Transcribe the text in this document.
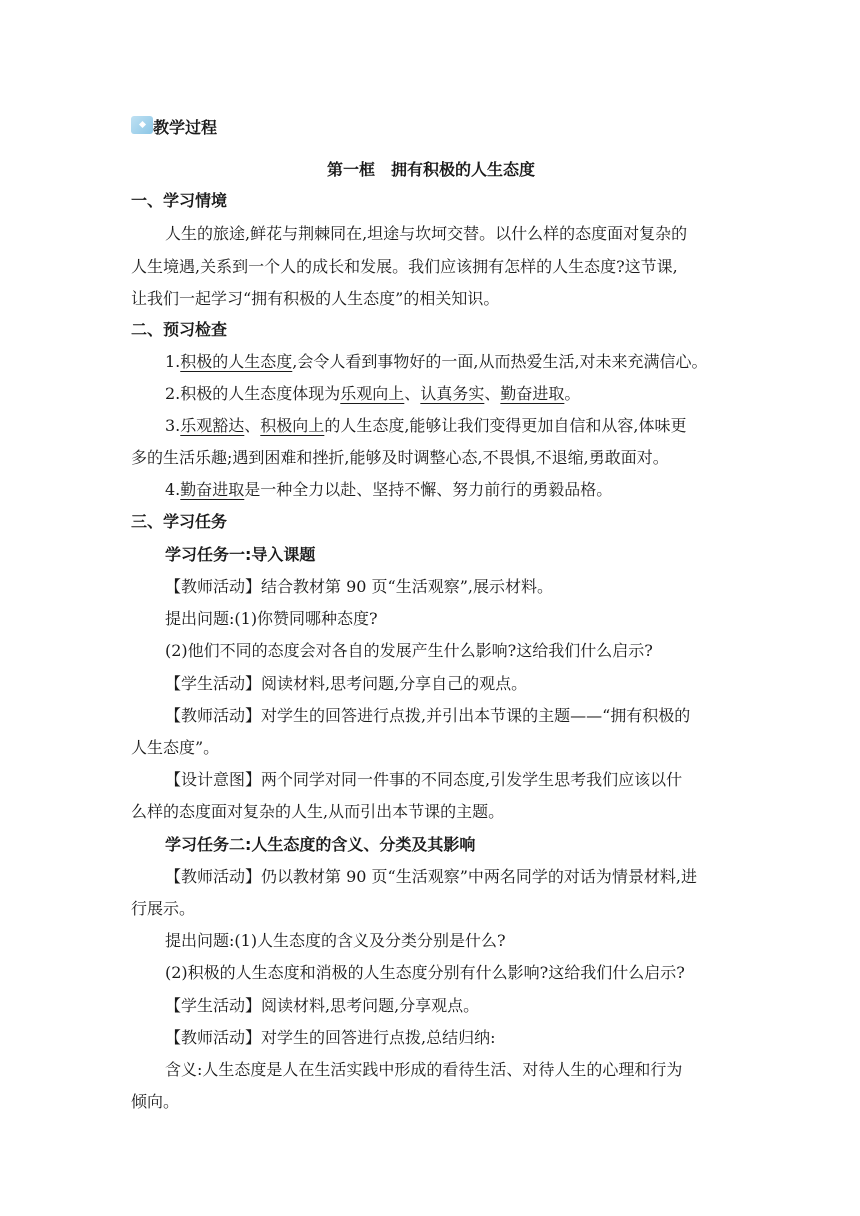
教学过程
第一框　拥有积极的人生态度
一、学习情境
人生的旅途,鲜花与荆棘同在,坦途与坎坷交替。以什么样的态度面对复杂的
人生境遇,关系到一个人的成长和发展。我们应该拥有怎样的人生态度?这节课,
让我们一起学习“拥有积极的人生态度”的相关知识。
二、预习检查
1.积极的人生态度,会令人看到事物好的一面,从而热爱生活,对未来充满信心。
2.积极的人生态度体现为乐观向上、认真务实、勤奋进取。
3.乐观豁达、积极向上的人生态度,能够让我们变得更加自信和从容,体味更
多的生活乐趣;遇到困难和挫折,能够及时调整心态,不畏惧,不退缩,勇敢面对。
4.勤奋进取是一种全力以赴、坚持不懈、努力前行的勇毅品格。
三、学习任务
学习任务一:导入课题
【教师活动】结合教材第 90 页“生活观察”,展示材料。
提出问题:(1)你赞同哪种态度?
(2)他们不同的态度会对各自的发展产生什么影响?这给我们什么启示?
【学生活动】阅读材料,思考问题,分享自己的观点。
【教师活动】对学生的回答进行点拨,并引出本节课的主题——“拥有积极的
人生态度”。
【设计意图】两个同学对同一件事的不同态度,引发学生思考我们应该以什
么样的态度面对复杂的人生,从而引出本节课的主题。
学习任务二:人生态度的含义、分类及其影响
【教师活动】仍以教材第 90 页“生活观察”中两名同学的对话为情景材料,进
行展示。
提出问题:(1)人生态度的含义及分类分别是什么?
(2)积极的人生态度和消极的人生态度分别有什么影响?这给我们什么启示?
【学生活动】阅读材料,思考问题,分享观点。
【教师活动】对学生的回答进行点拨,总结归纳:
含义:人生态度是人在生活实践中形成的看待生活、对待人生的心理和行为
倾向。
